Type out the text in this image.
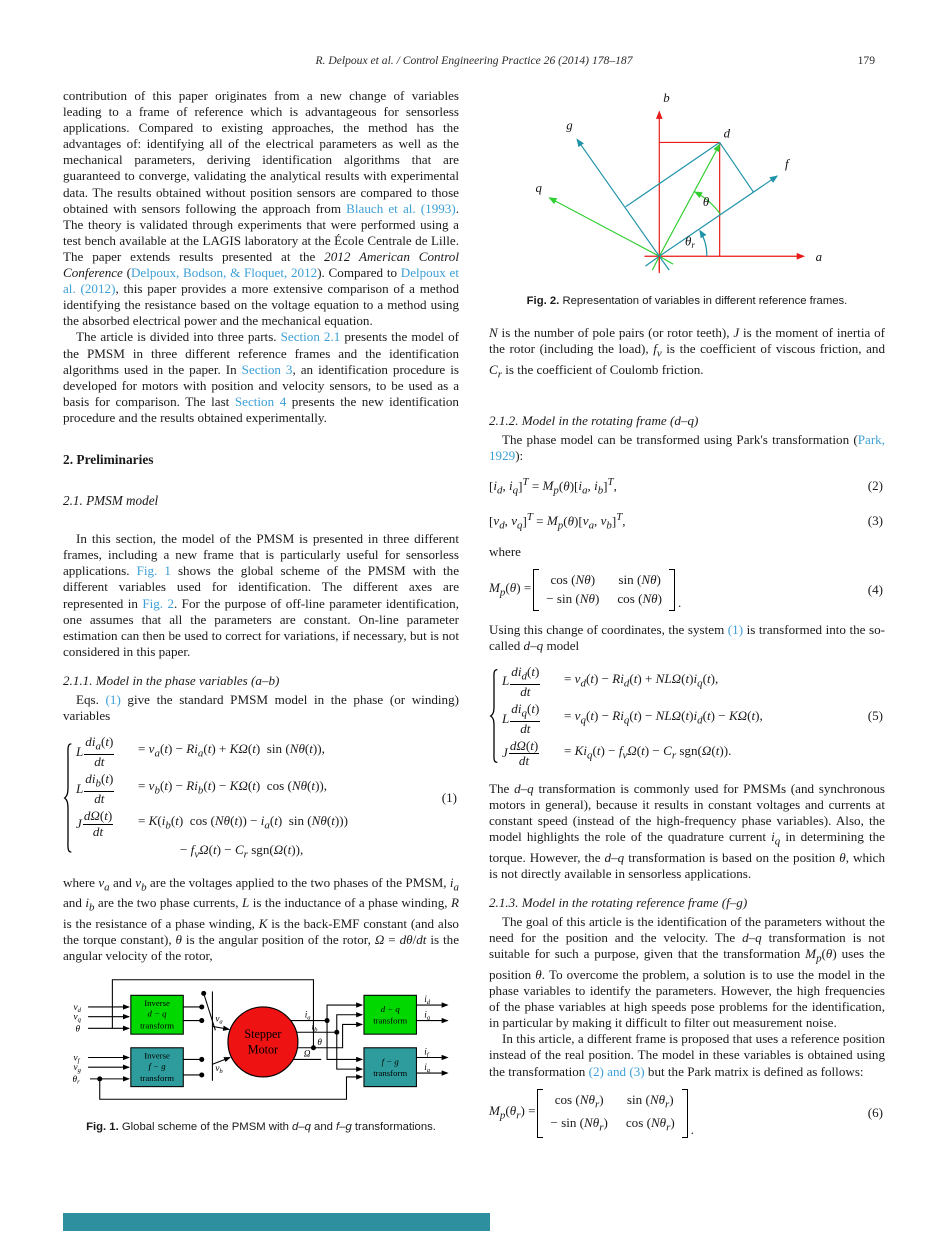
R. Delpoux et al. / Control Engineering Practice 26 (2014) 178–187	179

contribution of this paper originates from a new change of variables leading to a frame of reference which is advantageous for sensorless applications. Compared to existing approaches, the method has the advantages of: identifying all of the electrical parameters as well as the mechanical parameters, deriving identification algorithms that are guaranteed to converge, validating the analytical results with experimental data. The results obtained without position sensors are compared to those obtained with sensors following the approach from Blauch et al. (1993). The theory is validated through experiments that were performed using a test bench available at the LAGIS laboratory at the École Centrale de Lille. The paper extends results presented at the 2012 American Control Conference (Delpoux, Bodson, & Floquet, 2012). Compared to Delpoux et al. (2012), this paper provides a more extensive comparison of a method identifying the resistance based on the voltage equation to a method using the absorbed electrical power and the mechanical equation.

The article is divided into three parts. Section 2.1 presents the model of the PMSM in three different reference frames and the identification algorithms used in the paper. In Section 3, an identification procedure is developed for motors with position and velocity sensors, to be used as a basis for comparison. The last Section 4 presents the new identification procedure and the results obtained experimentally.

2. Preliminaries
2.1. PMSM model

In this section, the model of the PMSM is presented in three different frames, including a new frame that is particularly useful for sensorless applications. Fig. 1 shows the global scheme of the PMSM with the different variables used for identification. The different axes are represented in Fig. 2. For the purpose of off-line parameter identification, one assumes that all the parameters are constant. On-line parameter estimation can then be used to correct for variations, if necessary, but is not considered in this paper.

2.1.1. Model in the phase variables (a–b)

Eqs. (1) give the standard PMSM model in the phase (or winding) variables

L
$di_a(t)$
dt
= $v_a(t) - Ri_a(t) + K\Omega(t)$  sin (Nθ(t)),
L
$di_b(t)$
dt
= $v_b(t) - Ri_b(t) - K\Omega(t)$  cos (Nθ(t)),
J $\frac{d\Omega(t)}{dt} = K(i_b(t)$  $\cos (N\theta(t)) - i_a(t)$  sin (Nθ(t)))
− $f_v\Omega(t) - C_r$ sgn(Ω(t)),
(1)

where $v_a$ and $v_b$ are the voltages applied to the two phases of the PMSM, $i_a$ and $i_b$ are the two phase currents, L is the inductance of a phase winding, R is the resistance of a phase winding, K is the back-EMF constant (and also the torque constant), θ is the angular position of the rotor, Ω = dθ/dt is the angular velocity of the rotor,

$v_d$
$v_q$
θ
$v_f$
$v_g$
$\theta_r$
$v_a$
$v_b$
$i_a$
$i_b$
θ
Ω
$i_d$
$i_q$
$i_f$
$i_g$
Inverse
d − q
transform
Inverse
f − g
transform
d − q
transform
f − g
transform
Stepper
Motor
Fig. 1. Global scheme of the PMSM with d–q and f–g transformations.
a
b
d
q
f
g
θ
θr
Fig. 2. Representation of variables in different reference frames.

N is the number of pole pairs (or rotor teeth), J is the moment of inertia of the rotor (including the load), $f_v$ is the coefficient of viscous friction, and $C_r$ is the coefficient of Coulomb friction.

2.1.2. Model in the rotating frame (d–q)

The phase model can be transformed using Park's transformation (Park, 1929):

[$i_d$, $i_q]^T = M_p(\theta)[i_a$, $i_b]^T$,	(2)
[$v_d$, $v_q]^T = M_p(\theta)[v_a$, $v_b]^T$,	(3)

where

$M_p(\theta)$ =	cos (Nθ)	sin (Nθ)
− sin (Nθ) cos (Nθ) .
(4)

Using this change of coordinates, the system (1) is transformed into the so-called d–q model

L
$di_d(t)$
dt
= $v_d(t) - Ri_d(t) + NL\Omega(t)i_q(t)$,
L
$di_q(t)$
dt
= $v_q(t) - Ri_q(t) - NL\Omega(t)i_d(t) - K\Omega(t)$,
J $\frac{d\Omega(t)}{dt} = Ki_q(t) - f_v\Omega(t) - C_r$ sgn(Ω(t)).
(5)

The d–q transformation is commonly used for PMSMs (and synchronous motors in general), because it results in constant voltages and currents at constant speed (instead of the high-frequency phase variables). Also, the model highlights the role of the quadrature current $i_q$ in determining the torque. However, the d–q transformation is based on the position θ, which is not directly available in sensorless applications.

2.1.3. Model in the rotating reference frame (f–g)

The goal of this article is the identification of the parameters without the need for the position and the velocity. The d–q transformation is not suitable for such a purpose, given that the transformation $M_p(\theta)$ uses the position θ. To overcome the problem, a solution is to use the model in the phase variables to identify the parameters. However, the high frequencies of the phase variables at high speeds pose problems for the identification, in particular by making it difficult to filter out measurement noise.

In this article, a different frame is proposed that uses a reference position instead of the real position. The model in these variables is obtained using the transformation (2) and (3) but the Park matrix is defined as follows:

$M_p(\theta_r)$ =
$\cos (N\theta_r)$	$\sin (N\theta_r)$
− $\sin (N\theta_r)$ $\cos (N\theta_r)$ .
(6)
